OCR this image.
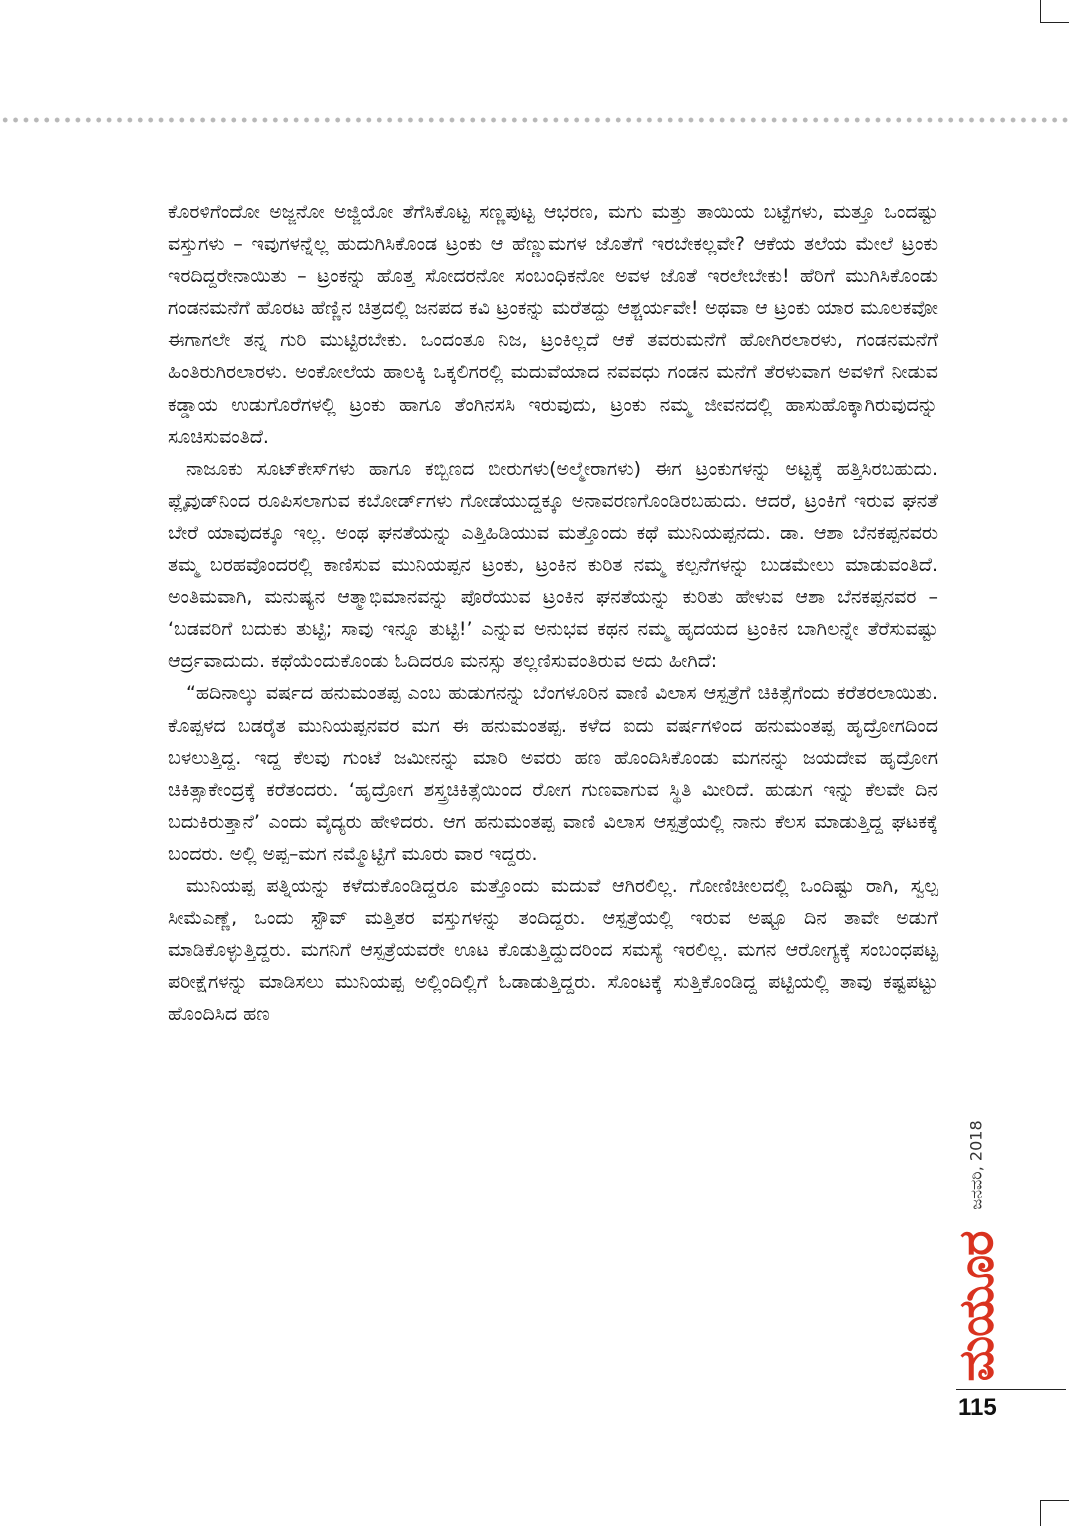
ಕೊರಳಿಗೆಂದೋ ಅಜ್ಜನೋ ಅಜ್ಜಿಯೋ ತೆಗೆಸಿಕೊಟ್ಟ ಸಣ್ಣಪುಟ್ಟ ಆಭರಣ, ಮಗು ಮತ್ತು ತಾಯಿಯ ಬಟ್ಟೆಗಳು, ಮತ್ತೂ ಒಂದಷ್ಟು ವಸ್ತುಗಳು – ಇವುಗಳನ್ನೆಲ್ಲ ಹುದುಗಿಸಿಕೊಂಡ ಟ್ರಂಕು ಆ ಹೆಣ್ಣುಮಗಳ ಜೊತೆಗೆ ಇರಬೇಕಲ್ಲವೇ? ಆಕೆಯ ತಲೆಯ ಮೇಲೆ ಟ್ರಂಕು ಇರದಿದ್ದರೇನಾಯಿತು – ಟ್ರಂಕನ್ನು ಹೊತ್ತ ಸೋದರನೋ ಸಂಬಂಧಿಕನೋ ಅವಳ ಜೊತೆ ಇರಲೇಬೇಕು! ಹೆರಿಗೆ ಮುಗಿಸಿಕೊಂಡು ಗಂಡನಮನೆಗೆ ಹೊರಟ ಹೆಣ್ಣಿನ ಚಿತ್ರದಲ್ಲಿ ಜನಪದ ಕವಿ ಟ್ರಂಕನ್ನು ಮರೆತದ್ದು ಆಶ್ಚರ್ಯವೇ! ಅಥವಾ ಆ ಟ್ರಂಕು ಯಾರ ಮೂಲಕವೋ ಈಗಾಗಲೇ ತನ್ನ ಗುರಿ ಮುಟ್ಟಿರಬೇಕು. ಒಂದಂತೂ ನಿಜ, ಟ್ರಂಕಿಲ್ಲದೆ ಆಕೆ ತವರುಮನೆಗೆ ಹೋಗಿರಲಾರಳು, ಗಂಡನಮನೆಗೆ ಹಿಂತಿರುಗಿರಲಾರಳು. ಅಂಕೋಲೆಯ ಹಾಲಕ್ಕಿ ಒಕ್ಕಲಿಗರಲ್ಲಿ ಮದುವೆಯಾದ ನವವಧು ಗಂಡನ ಮನೆಗೆ ತೆರಳುವಾಗ ಅವಳಿಗೆ ನೀಡುವ ಕಡ್ಡಾಯ ಉಡುಗೊರೆಗಳಲ್ಲಿ ಟ್ರಂಕು ಹಾಗೂ ತೆಂಗಿನಸಸಿ ಇರುವುದು, ಟ್ರಂಕು ನಮ್ಮ ಜೀವನದಲ್ಲಿ ಹಾಸುಹೊಕ್ಕಾಗಿರುವುದನ್ನು ಸೂಚಿಸುವಂತಿದೆ.

ನಾಜೂಕು ಸೂಟ್‌ಕೇಸ್‌ಗಳು ಹಾಗೂ ಕಬ್ಬಿಣದ ಬೀರುಗಳು(ಅಲ್ಮೇರಾಗಳು) ಈಗ ಟ್ರಂಕುಗಳನ್ನು ಅಟ್ಟಕ್ಕೆ ಹತ್ತಿಸಿರಬಹುದು. ಪ್ಲೈವುಡ್‌ನಿಂದ ರೂಪಿಸಲಾಗುವ ಕಬೋರ್ಡ್‌ಗಳು ಗೋಡೆಯುದ್ದಕ್ಕೂ ಅನಾವರಣಗೊಂಡಿರಬಹುದು. ಆದರೆ, ಟ್ರಂಕಿಗೆ ಇರುವ ಘನತೆ ಬೇರೆ ಯಾವುದಕ್ಕೂ ಇಲ್ಲ. ಅಂಥ ಘನತೆಯನ್ನು ಎತ್ತಿಹಿಡಿಯುವ ಮತ್ತೊಂದು ಕಥೆ ಮುನಿಯಪ್ಪನದು. ಡಾ. ಆಶಾ ಬೆನಕಪ್ಪನವರು ತಮ್ಮ ಬರಹವೊಂದರಲ್ಲಿ ಕಾಣಿಸುವ ಮುನಿಯಪ್ಪನ ಟ್ರಂಕು, ಟ್ರಂಕಿನ ಕುರಿತ ನಮ್ಮ ಕಲ್ಪನೆಗಳನ್ನು ಬುಡಮೇಲು ಮಾಡುವಂತಿದೆ. ಅಂತಿಮವಾಗಿ, ಮನುಷ್ಯನ ಆತ್ಮಾಭಿಮಾನವನ್ನು ಪೊರೆಯುವ ಟ್ರಂಕಿನ ಘನತೆಯನ್ನು ಕುರಿತು ಹೇಳುವ ಆಶಾ ಬೆನಕಪ್ಪನವರ – ‘ಬಡವರಿಗೆ ಬದುಕು ತುಟ್ಟಿ; ಸಾವು ಇನ್ನೂ ತುಟ್ಟಿ!’ ಎನ್ನುವ ಅನುಭವ ಕಥನ ನಮ್ಮ ಹೃದಯದ ಟ್ರಂಕಿನ ಬಾಗಿಲನ್ನೇ ತೆರೆಸುವಷ್ಟು ಆರ್ದ್ರವಾದುದು. ಕಥೆಯೆಂದುಕೊಂಡು ಓದಿದರೂ ಮನಸ್ಸು ತಲ್ಲಣಿಸುವಂತಿರುವ ಅದು ಹೀಗಿದೆ:

“ಹದಿನಾಲ್ಕು ವರ್ಷದ ಹನುಮಂತಪ್ಪ ಎಂಬ ಹುಡುಗನನ್ನು ಬೆಂಗಳೂರಿನ ವಾಣಿ ವಿಲಾಸ ಆಸ್ಪತ್ರೆಗೆ ಚಿಕಿತ್ಸೆಗೆಂದು ಕರೆತರಲಾಯಿತು. ಕೊಪ್ಪಳದ ಬಡರೈತ ಮುನಿಯಪ್ಪನವರ ಮಗ ಈ ಹನುಮಂತಪ್ಪ. ಕಳೆದ ಐದು ವರ್ಷಗಳಿಂದ ಹನುಮಂತಪ್ಪ ಹೃದ್ರೋಗದಿಂದ ಬಳಲುತ್ತಿದ್ದ. ಇದ್ದ ಕೆಲವು ಗುಂಟೆ ಜಮೀನನ್ನು ಮಾರಿ ಅವರು ಹಣ ಹೊಂದಿಸಿಕೊಂಡು ಮಗನನ್ನು ಜಯದೇವ ಹೃದ್ರೋಗ ಚಿಕಿತ್ಸಾಕೇಂದ್ರಕ್ಕೆ ಕರೆತಂದರು. ‘ಹೃದ್ರೋಗ ಶಸ್ತ್ರಚಿಕಿತ್ಸೆಯಿಂದ ರೋಗ ಗುಣವಾಗುವ ಸ್ಥಿತಿ ಮೀರಿದೆ. ಹುಡುಗ ಇನ್ನು ಕೆಲವೇ ದಿನ ಬದುಕಿರುತ್ತಾನೆ’ ಎಂದು ವೈದ್ಯರು ಹೇಳಿದರು. ಆಗ ಹನುಮಂತಪ್ಪ ವಾಣಿ ವಿಲಾಸ ಆಸ್ಪತ್ರೆಯಲ್ಲಿ ನಾನು ಕೆಲಸ ಮಾಡುತ್ತಿದ್ದ ಘಟಕಕ್ಕೆ ಬಂದರು. ಅಲ್ಲಿ ಅಪ್ಪ–ಮಗ ನಮ್ಮೊಟ್ಟಿಗೆ ಮೂರು ವಾರ ಇದ್ದರು.

ಮುನಿಯಪ್ಪ ಪತ್ನಿಯನ್ನು ಕಳೆದುಕೊಂಡಿದ್ದರೂ ಮತ್ತೊಂದು ಮದುವೆ ಆಗಿರಲಿಲ್ಲ. ಗೋಣಿಚೀಲದಲ್ಲಿ ಒಂದಿಷ್ಟು ರಾಗಿ, ಸ್ವಲ್ಪ ಸೀಮೆಎಣ್ಣೆ, ಒಂದು ಸ್ಟೌವ್ ಮತ್ತಿತರ ವಸ್ತುಗಳನ್ನು ತಂದಿದ್ದರು. ಆಸ್ಪತ್ರೆಯಲ್ಲಿ ಇರುವ ಅಷ್ಟೂ ದಿನ ತಾವೇ ಅಡುಗೆ ಮಾಡಿಕೊಳ್ಳುತ್ತಿದ್ದರು. ಮಗನಿಗೆ ಆಸ್ಪತ್ರೆಯವರೇ ಊಟ ಕೊಡುತ್ತಿದ್ದುದರಿಂದ ಸಮಸ್ಯೆ ಇರಲಿಲ್ಲ. ಮಗನ ಆರೋಗ್ಯಕ್ಕೆ ಸಂಬಂಧಪಟ್ಟ ಪರೀಕ್ಷೆಗಳನ್ನು ಮಾಡಿಸಲು ಮುನಿಯಪ್ಪ ಅಲ್ಲಿಂದಿಲ್ಲಿಗೆ ಓಡಾಡುತ್ತಿದ್ದರು. ಸೊಂಟಕ್ಕೆ ಸುತ್ತಿಕೊಂಡಿದ್ದ ಪಟ್ಟಿಯಲ್ಲಿ ತಾವು ಕಷ್ಟಪಟ್ಟು ಹೊಂದಿಸಿದ ಹಣ

ಜನವರಿ, 2018
ಮಯೂರ
115
